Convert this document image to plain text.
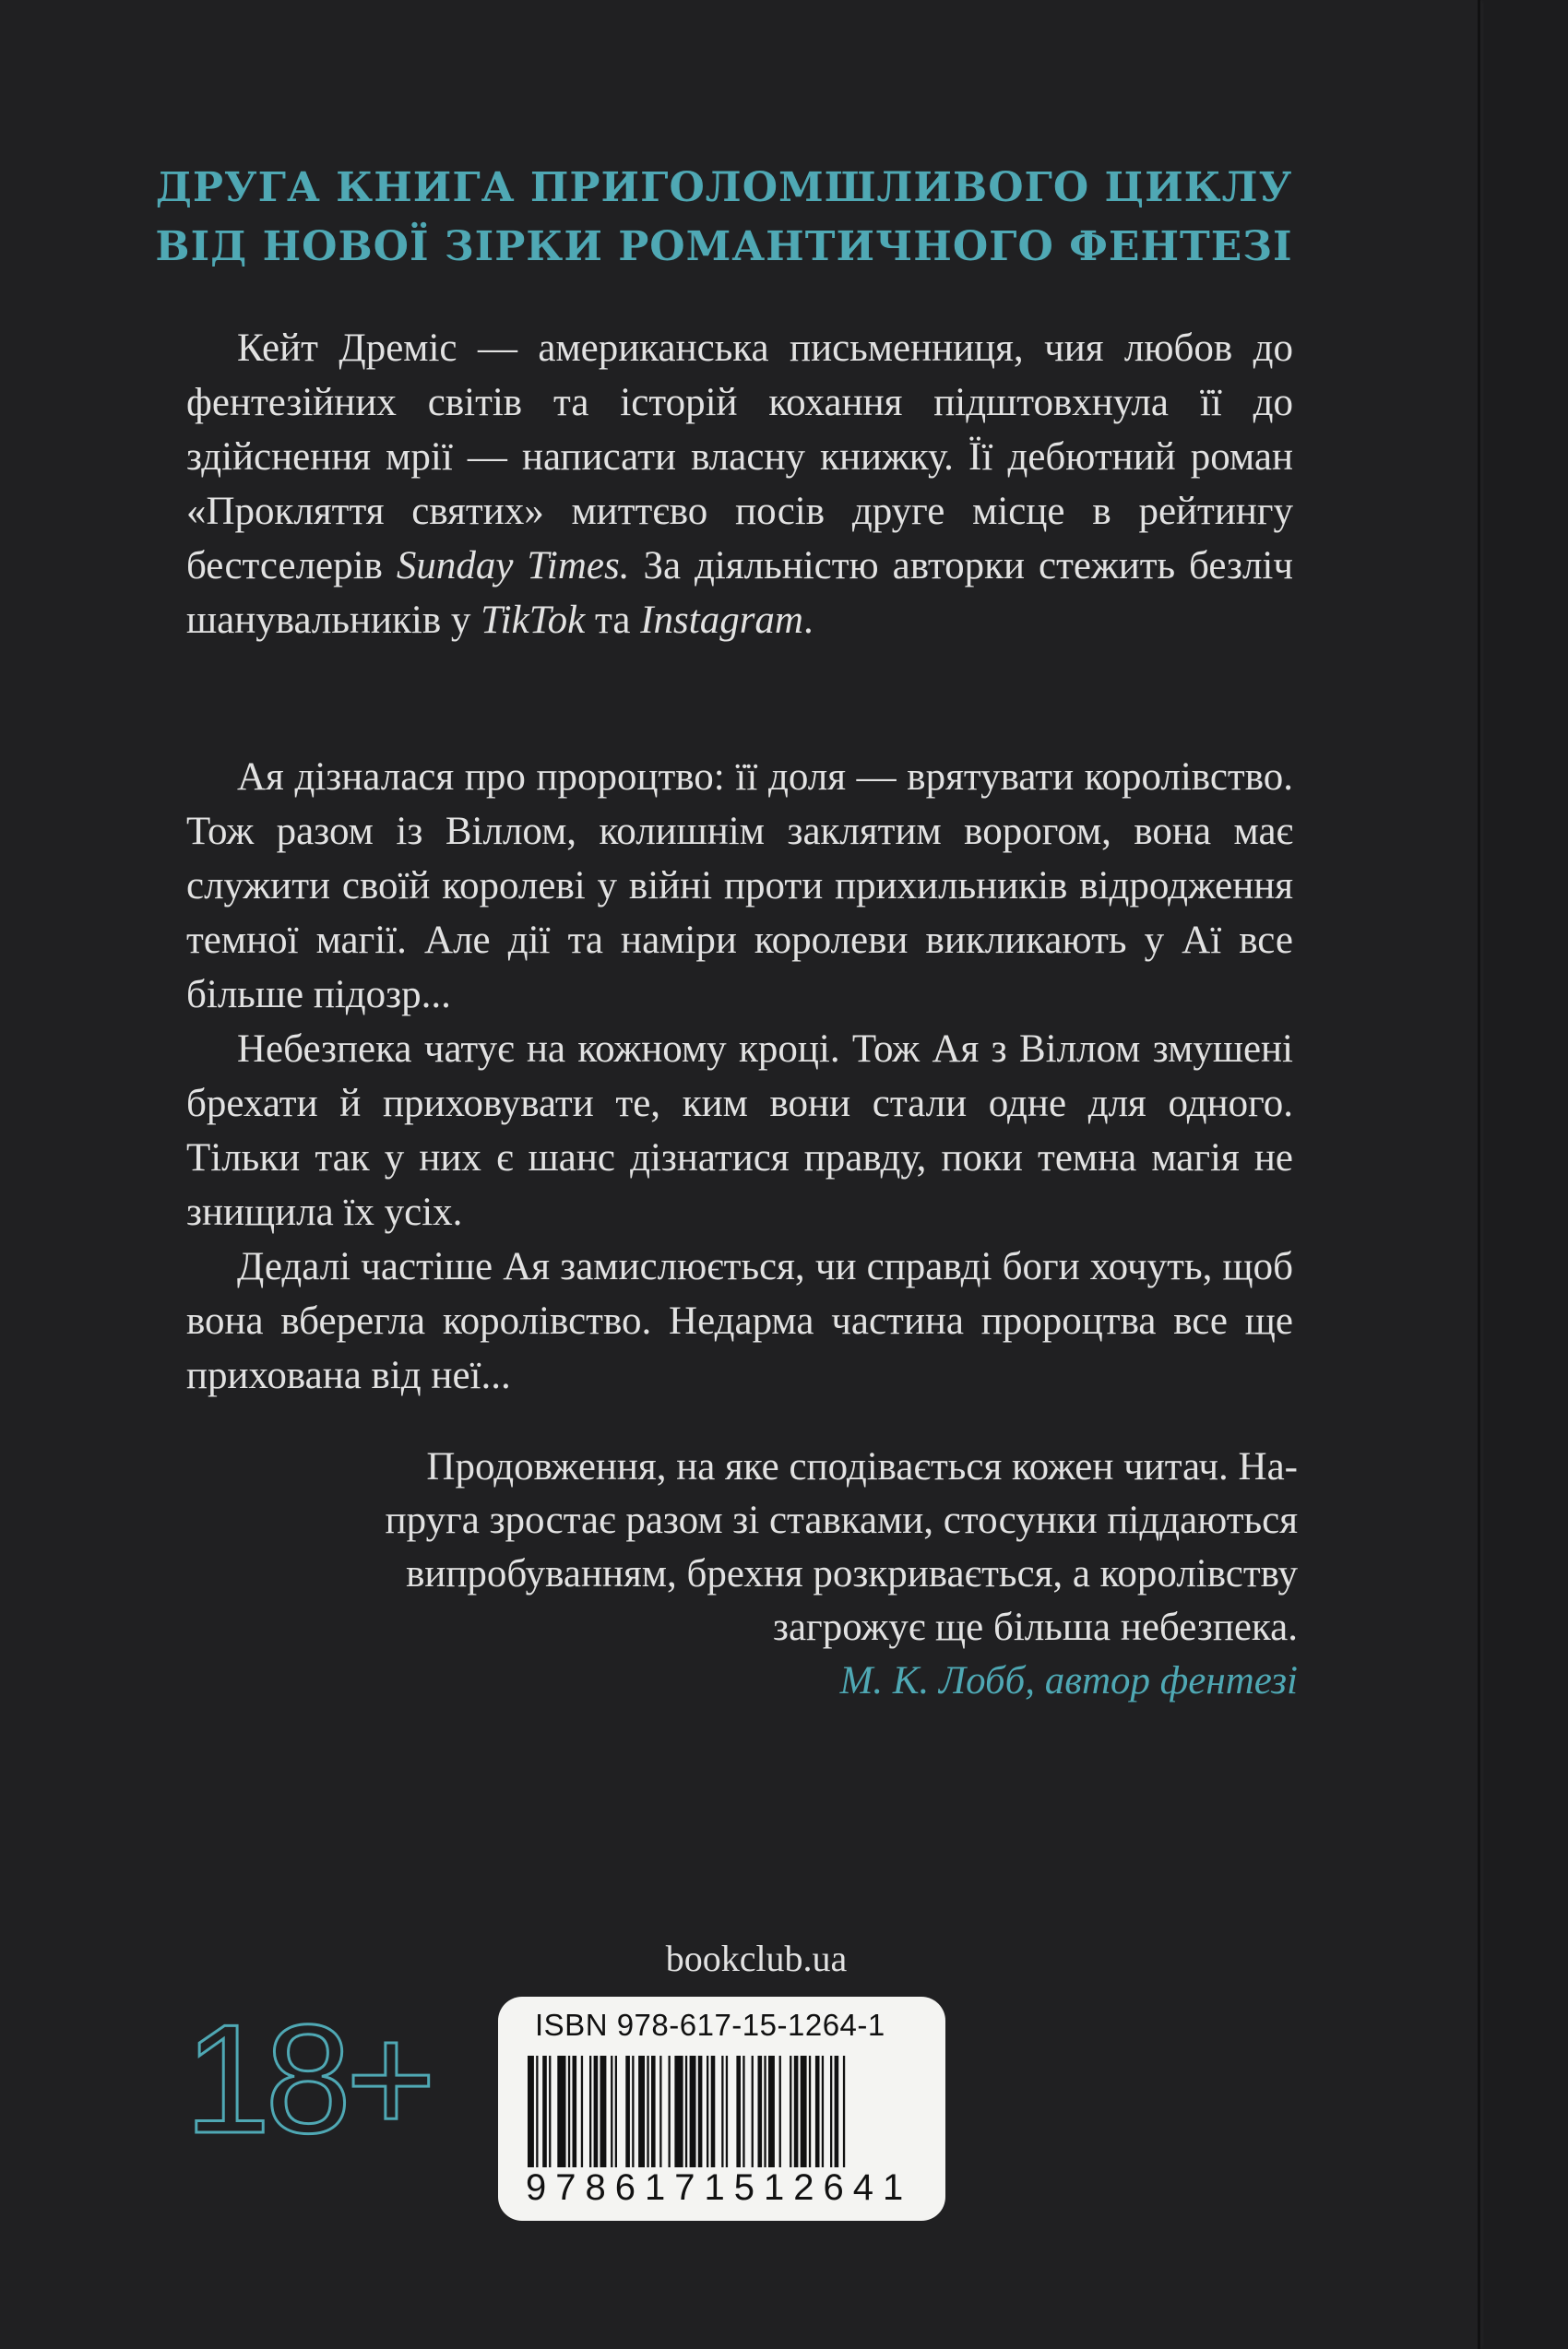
ДРУГА КНИГА ПРИГОЛОМШЛИВОГО ЦИКЛУ
ВІД НОВОЇ ЗІРКИ РОМАНТИЧНОГО ФЕНТЕЗІ

Кейт Дреміс — американська письменниця, чия любов до фентезійних світів та історій кохання підштовхнула її до здійснення мрії — написати власну книжку. Її дебютний роман «Прокляття святих» миттєво посів друге місце в рейтингу бестселерів Sunday Times. За діяльністю авторки стежить безліч шанувальників у TikTok та Instagram.

Ая дізналася про пророцтво: її доля — врятувати королівство. Тож разом із Віллом, колишнім заклятим ворогом, вона має служити своїй королеві у війні проти прихильників відродження темної магії. Але дії та наміри королеви викликають у Аї все більше підозр...

Небезпека чатує на кожному кроці. Тож Ая з Віллом змушені брехати й приховувати те, ким вони стали одне для одного. Тільки так у них є шанс дізнатися правду, поки темна магія не знищила їх усіх.

Дедалі частіше Ая замислюється, чи справді боги хочуть, щоб вона вберегла королівство. Недарма частина пророцтва все ще прихована від неї...

Продовження, на яке сподівається кожен читач. На-
пруга зростає разом зі ставками, стосунки піддаються
випробуванням, брехня розкривається, а королівству
загрожує ще більша небезпека.
М. К. Лобб, автор фентезі
bookclub.ua
18+	ISBN 978-617-15-1264-1
9786171512641
